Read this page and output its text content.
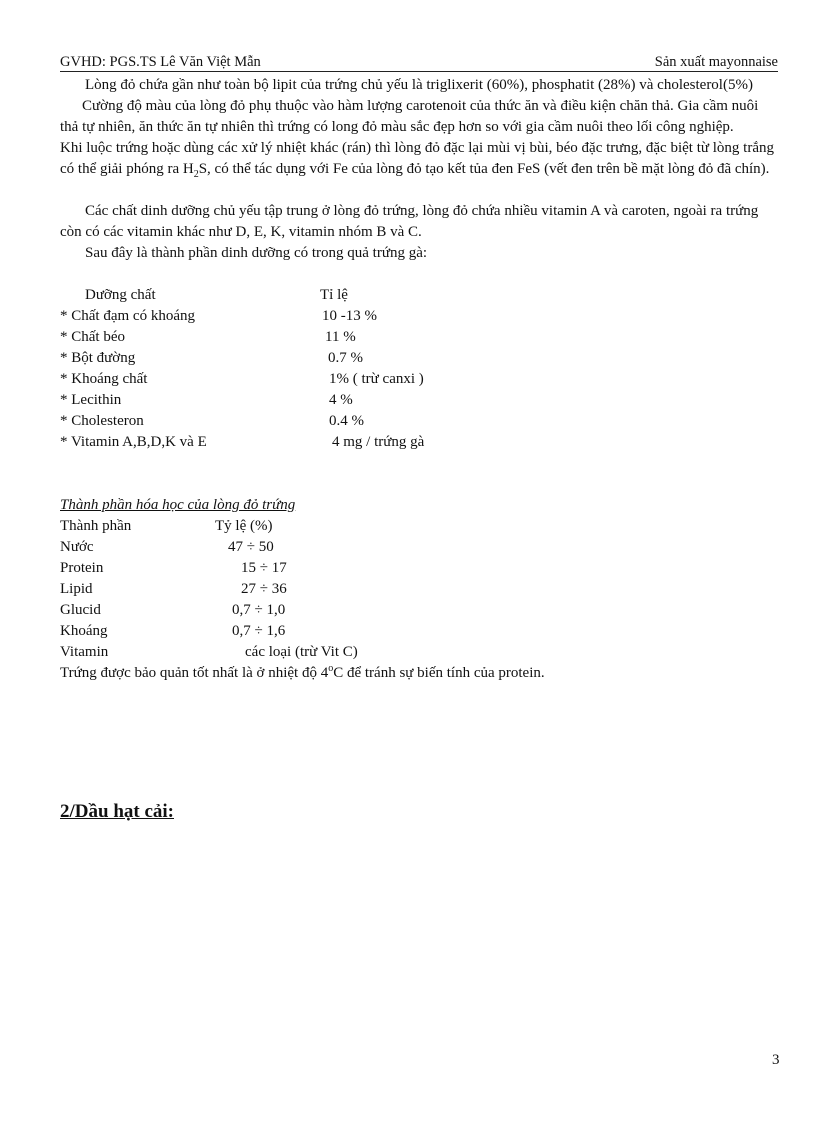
GVHD: PGS.TS Lê Văn Việt Mẫn	Sản xuất mayonnaise

Lòng đỏ chứa gần như toàn bộ lipit của trứng chủ yếu là triglixerit (60%), phosphatit (28%) và cholesterol(5%)

Cường độ màu của lòng đỏ phụ thuộc vào hàm lượng carotenoit của thức ăn và điều kiện chăn thả. Gia cầm nuôi thả tự nhiên, ăn thức ăn tự nhiên thì trứng có long đỏ màu sắc đẹp hơn so với gia cầm nuôi theo lối công nghiệp.

Khi luộc trứng hoặc dùng các xử lý nhiệt khác (rán) thì lòng đỏ đặc lại mùi vị bùi, béo đặc trưng, đặc biệt từ lòng trắng có thể giải phóng ra $H_2S$, có thể tác dụng với Fe của lòng đỏ tạo kết tủa đen FeS (vết đen trên bề mặt lòng đỏ đã chín).

Các chất dinh dưỡng chủ yếu tập trung ở lòng đỏ trứng, lòng đỏ chứa nhiều vitamin A và caroten, ngoài ra trứng còn có các vitamin khác như D, E, K, vitamin nhóm B và C.

Sau đây là thành phần dinh dưỡng có trong quả trứng gà:

Dưỡng chất	Tỉ lệ
* Chất đạm có khoáng	10 -13 %
* Chất béo	11 %
* Bột đường	0.7 %
* Khoáng chất	1% ( trừ canxi )
* Lecithin	4 %
* Cholesteron	0.4 %
* Vitamin A,B,D,K và E	4 mg / trứng gà

Thành phần hóa học của lòng đỏ trứng

Thành phần	Tỷ lệ (%)
Nước	47 ÷ 50
Protein	15 ÷ 17
Lipid	27 ÷ 36
Glucid	0,7 ÷ 1,0
Khoáng	0,7 ÷ 1,6
Vitamin	các loại (trừ Vit C)

Trứng được bảo quản tốt nhất là ở nhiệt độ 4$^o$C để tránh sự biến tính của protein.

2/Dầu hạt cải:
3
